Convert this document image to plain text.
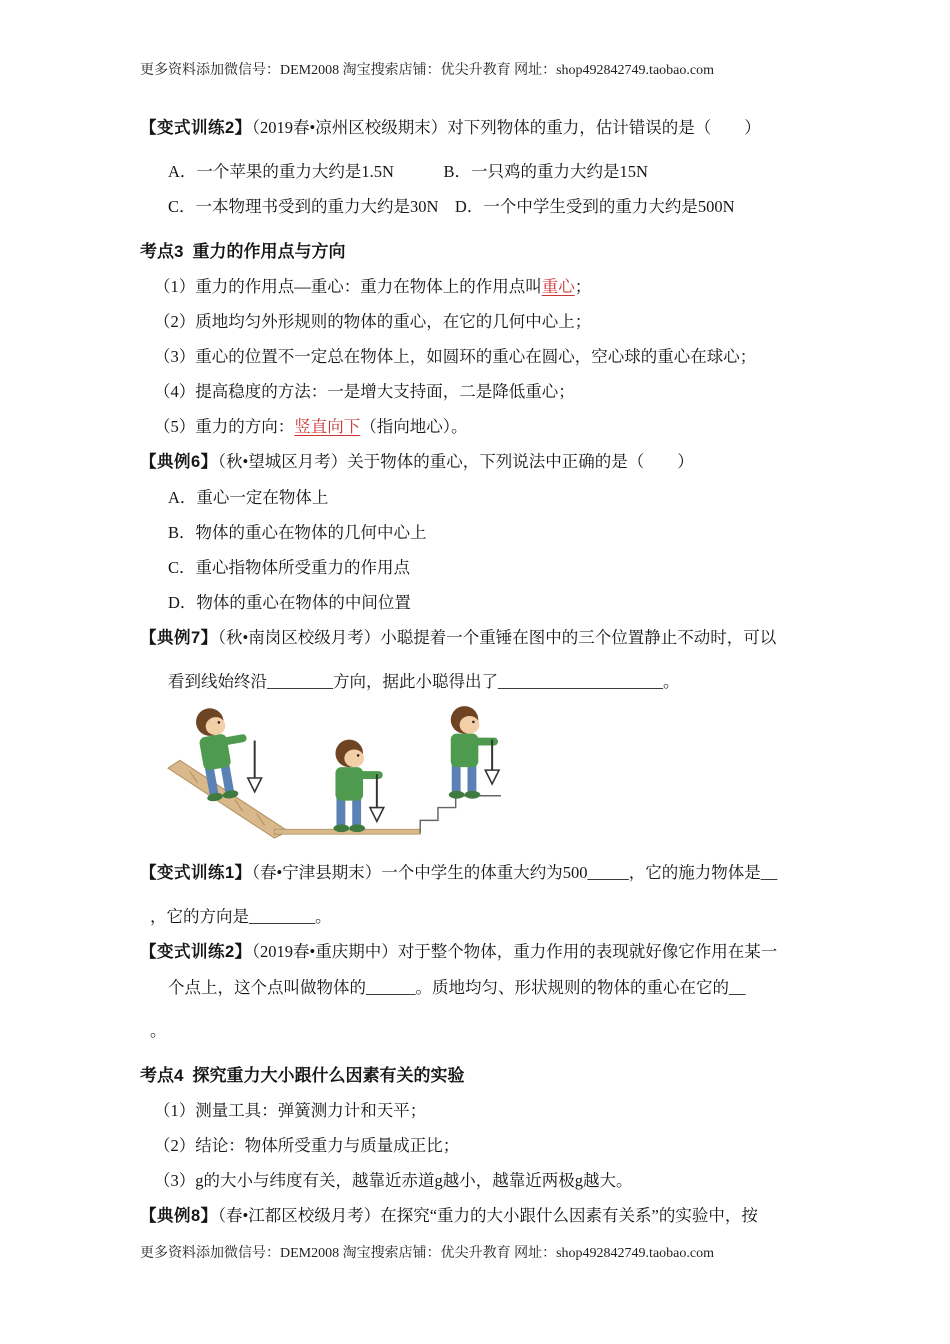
更多资料添加微信号：DEM2008 淘宝搜索店铺：优尖升教育 网址：shop492842749.taobao.com

【变式训练2】（2019春•凉州区校级期末）对下列物体的重力，估计错误的是（　　）

A．一个苹果的重力大约是1.5N　　　B．一只鸡的重力大约是15N

C．一本物理书受到的重力大约是30N　D．一个中学生受到的重力大约是500N

考点3 重力的作用点与方向

（1）重力的作用点—重心：重力在物体上的作用点叫重心；

（2）质地均匀外形规则的物体的重心，在它的几何中心上；

（3）重心的位置不一定总在物体上，如圆环的重心在圆心，空心球的重心在球心；

（4）提高稳度的方法：一是增大支持面，二是降低重心；

（5）重力的方向：竖直向下（指向地心）。

【典例6】（秋•望城区月考）关于物体的重心，下列说法中正确的是（　　）

A．重心一定在物体上

B．物体的重心在物体的几何中心上

C．重心指物体所受重力的作用点

D．物体的重心在物体的中间位置

【典例7】（秋•南岗区校级月考）小聪提着一个重锤在图中的三个位置静止不动时，可以

看到线始终沿________方向，据此小聪得出了____________________。

【变式训练1】（春•宁津县期末）一个中学生的体重大约为500_____，它的施力物体是__

，它的方向是________。

【变式训练2】（2019春•重庆期中）对于整个物体，重力作用的表现就好像它作用在某一

个点上，这个点叫做物体的______。质地均匀、形状规则的物体的重心在它的__

。

考点4 探究重力大小跟什么因素有关的实验

（1）测量工具：弹簧测力计和天平；

（2）结论：物体所受重力与质量成正比；

（3）g的大小与纬度有关，越靠近赤道g越小，越靠近两极g越大。

【典例8】（春•江都区校级月考）在探究“重力的大小跟什么因素有关系”的实验中，按

更多资料添加微信号：DEM2008 淘宝搜索店铺：优尖升教育 网址：shop492842749.taobao.com
